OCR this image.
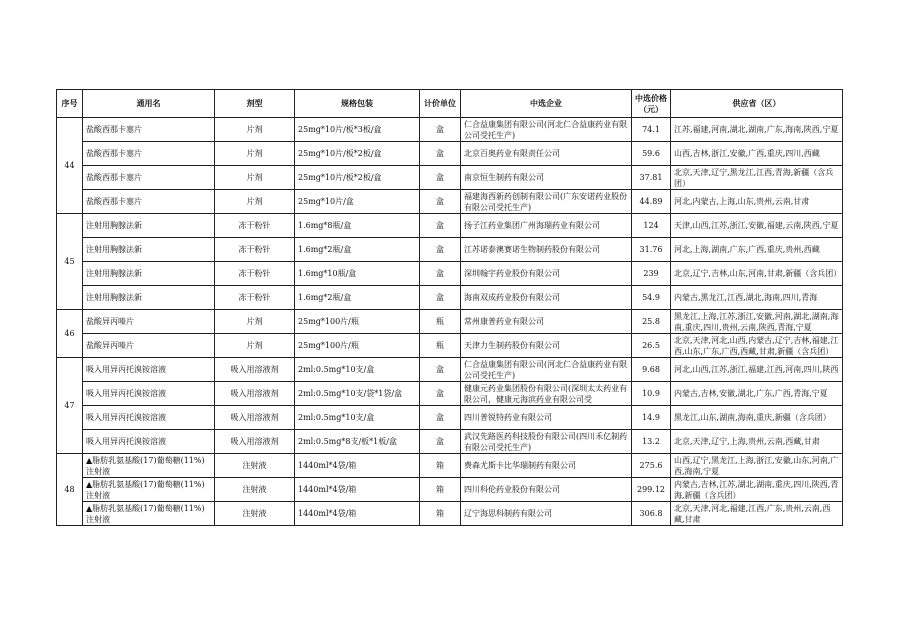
序号	通用名	剂型	规格包装	计价单位	中选企业	中选价格（元）	供应省（区）
44	盐酸西那卡塞片	片剂	25mg*10片/板*3板/盒	盒	仁合益康集团有限公司(河北仁合益康药业有限公司受托生产)	74.1	江苏,福建,河南,湖北,湖南,广东,海南,陕西,宁夏
	盐酸西那卡塞片	片剂	25mg*10片/板*2板/盒	盒	北京百奥药业有限责任公司	59.6	山西,吉林,浙江,安徽,广西,重庆,四川,西藏
	盐酸西那卡塞片	片剂	25mg*10片/板*2板/盒	盒	南京恒生制药有限公司	37.81	北京,天津,辽宁,黑龙江,江西,青海,新疆（含兵团）
	盐酸西那卡塞片	片剂	25mg*10片/盒	盒	福建海西新药创制有限公司(广东安诺药业股份有限公司受托生产)	44.89	河北,内蒙古,上海,山东,贵州,云南,甘肃
45	注射用胸腺法新	冻干粉针	1.6mg*8瓶/盒	盒	扬子江药业集团广州海瑞药业有限公司	124	天津,山西,江苏,浙江,安徽,福建,云南,陕西,宁夏
	注射用胸腺法新	冻干粉针	1.6mg*2瓶/盒	盒	江苏诺泰澳赛诺生物制药股份有限公司	31.76	河北,上海,湖南,广东,广西,重庆,贵州,西藏
	注射用胸腺法新	冻干粉针	1.6mg*10瓶/盒	盒	深圳翰宇药业股份有限公司	239	北京,辽宁,吉林,山东,河南,甘肃,新疆（含兵团）
	注射用胸腺法新	冻干粉针	1.6mg*2瓶/盒	盒	海南双成药业股份有限公司	54.9	内蒙古,黑龙江,江西,湖北,海南,四川,青海
46	盐酸异丙嗪片	片剂	25mg*100片/瓶	瓶	常州康普药业有限公司	25.8	黑龙江,上海,江苏,浙江,安徽,河南,湖北,湖南,海南,重庆,四川,贵州,云南,陕西,青海,宁夏
	盐酸异丙嗪片	片剂	25mg*100片/瓶	瓶	天津力生制药股份有限公司	26.5	北京,天津,河北,山西,内蒙古,辽宁,吉林,福建,江西,山东,广东,广西,西藏,甘肃,新疆（含兵团）
47	吸入用异丙托溴铵溶液	吸入用溶液剂	2ml:0.5mg*10支/盒	盒	仁合益康集团有限公司(河北仁合益康药业有限公司受托生产)	9.68	河北,山西,江苏,浙江,福建,江西,河南,四川,陕西
	吸入用异丙托溴铵溶液	吸入用溶液剂	2ml:0.5mg*10支/袋*1袋/盒	盒	健康元药业集团股份有限公司(深圳太太药业有限公司，健康元海滨药业有限公司受	10.9	内蒙古,吉林,安徽,湖北,广东,广西,青海,宁夏
	吸入用异丙托溴铵溶液	吸入用溶液剂	2ml:0.5mg*10支/盒	盒	四川普锐特药业有限公司	14.9	黑龙江,山东,湖南,海南,重庆,新疆（含兵团）
	吸入用异丙托溴铵溶液	吸入用溶液剂	2ml:0.5mg*8支/板*1板/盒	盒	武汉先路医药科技股份有限公司(四川禾亿制药有限公司受托生产)	13.2	北京,天津,辽宁,上海,贵州,云南,西藏,甘肃
48	▲脂肪乳氨基酸(17)葡萄糖(11%)注射液	注射液	1440ml*4袋/箱	箱	费森尤斯卡比华瑞制药有限公司	275.6	山西,辽宁,黑龙江,上海,浙江,安徽,山东,河南,广西,海南,宁夏
	▲脂肪乳氨基酸(17)葡萄糖(11%)注射液	注射液	1440ml*4袋/箱	箱	四川科伦药业股份有限公司	299.12	内蒙古,吉林,江苏,湖北,湖南,重庆,四川,陕西,青海,新疆（含兵团）
	▲脂肪乳氨基酸(17)葡萄糖(11%)注射液	注射液	1440ml*4袋/箱	箱	辽宁海思科制药有限公司	306.8	北京,天津,河北,福建,江西,广东,贵州,云南,西藏,甘肃
